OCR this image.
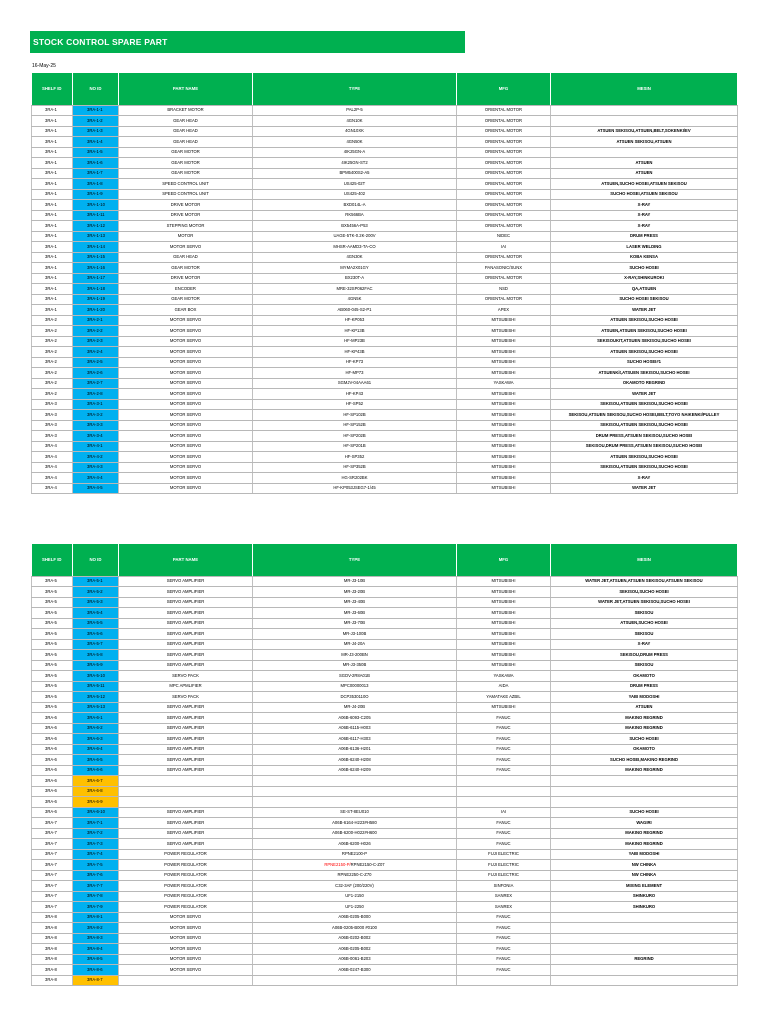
STOCK CONTROL SPARE PART
16-May-25
SHELF ID	NO ID	PART NAME	TYPE	MFG	MESIN
3RA-1	3RA-1-1	BRACKET MOTOR	PAL2P-5	ORIENTAL MOTOR	
3RA-1	3RA-1-2	GEAR HEAD	4GN10K	ORIENTAL MOTOR	
3RA-1	3RA-1-3	GEAR HEAD	4GN10XK	ORIENTAL MOTOR	ATSUEN SEKISOU,ATSUEN,BELT,SOKENKI/EV
3RA-1	3RA-1-4	GEAR HEAD	4GN50K	ORIENTAL MOTOR	ATSUEN SEKISOU,ATSUEN
3RA-1	3RA-1-5	GEAR MOTOR	4IK25GN-A	ORIENTAL MOTOR	
3RA-1	3RA-1-6	GEAR MOTOR	4IK25GN-ST2	ORIENTAL MOTOR	ATSUEN
3RA-1	3RA-1-7	GEAR MOTOR	BPM5400S2-A5	ORIENTAL MOTOR	ATSUEN
3RA-1	3RA-1-8	SPEED CONTROL UNIT	US425-02T	ORIENTAL MOTOR	ATSUEN,SUCHO HOSEI,ATSUEN SEKISOU
3RA-1	3RA-1-9	SPEED CONTROL UNIT	US425-402	ORIENTAL MOTOR	SUCHO HOSEI,ATSUEN SEKISOU
3RA-1	3RA-1-10	DRIVE MOTOR	BXD014L-A	ORIENTAL MOTOR	X-RAY
3RA-1	3RA-1-11	DRIVE MOTOR	RK566BA	ORIENTAL MOTOR	X-RAY
3RA-1	3RA-1-12	STEPPING MOTOR	BX5456A-P53	ORIENTAL MOTOR	X-RAY
3RA-1	3RA-1-13	MOTOR	UAGE-5TK-0.2K-200V	NIDEC	DRUM PRESS
3RA-1	3RA-1-14	MOTOR SERVO	MHSR-AAMD3-TA-CO	IAI	LASER WELDING
3RA-1	3RA-1-15	GEAR HEAD	4GN30K	ORIENTAL MOTOR	KOBA KENSA
3RA-1	3RA-1-16	GEAR MOTOR	MYMA2X01GY	PANASONIC/SUNX	SUCHO HOSEI
3RA-1	3RA-1-17	DRIVE MOTOR	BX230T-A	ORIENTAL MOTOR	X-RAY,SHINKUROKI
3RA-1	3RA-1-18	ENCODER	MRE-32SP062FAC	NSD	QA,ATSUEN
3RA-1	3RA-1-19	GEAR MOTOR	4GN5K	ORIENTAL MOTOR	SUCHO HOSEI SEKISOU
3RA-1	3RA-1-20	GEAR BOX	AB060-045-S2-P1	APEX	WATER JET
3RA-2	3RA-2-1	MOTOR SERVO	HF-KP053	MITSUBISHI	ATSUEN SEKISOU,SUCHO HOSEI
3RA-2	3RA-2-2	MOTOR SERVO	HF-KP13B	MITSUBISHI	ATSUEN,ATSUEN SEKISOU,SUCHO HOSEI
3RA-2	3RA-2-3	MOTOR SERVO	HF-MP23B	MITSUBISHI	SEKISOUKIT,ATSUEN SEKISOU,SUCHO HOSEI
3RA-2	3RA-2-4	MOTOR SERVO	HF-KP43B	MITSUBISHI	ATSUEN SEKISOU,SUCHO HOSEI
3RA-2	3RA-2-5	MOTOR SERVO	HF-KP73	MITSUBISHI	SUCHO HOSEI#1
3RA-2	3RA-2-6	MOTOR SERVO	HF-MP73	MITSUBISHI	ATSUENKit,ATSUEN SEKISOU,SUCHO HOSEI
3RA-2	3RA-2-7	MOTOR SERVO	SGMJV-04AAA61	YASKAWA	OKAMOTO REGRIND
3RA-2	3RA-2-8	MOTOR SERVO	HF-KP43	MITSUBISHI	WATER JET
3RA-3	3RA-3-1	MOTOR SERVO	HF-SP52	MITSUBISHI	SEKISOU,ATSUEN SEKISOU,SUCHO HOSEI
3RA-3	3RA-3-2	MOTOR SERVO	HF-SP102B	MITSUBISHI	SEKISOU,ATSUEN SEKISOU,SUCHO HOSEI,BELT,TOYO NAIKENKI/PULLEY
3RA-3	3RA-3-3	MOTOR SERVO	HF-SP152B	MITSUBISHI	SEKISOU,ATSUEN SEKISOU,SUCHO HOSEI
3RA-3	3RA-3-4	MOTOR SERVO	HF-SP202B	MITSUBISHI	DRUM PRESS,ATSUEN SEKISOU,SUCHO HOSEI
3RA-4	3RA-4-1	MOTOR SERVO	HF-SP201B	MITSUBISHI	SEKISOU,DRUM PRESS,ATSUEN SEKISOU,SUCHO HOSEI
3RA-4	3RA-4-2	MOTOR SERVO	HF-SP352	MITSUBISHI	ATSUEN SEKISOU,SUCHO HOSEI
3RA-4	3RA-4-3	MOTOR SERVO	HF-SP352B	MITSUBISHI	SEKISOU,ATSUEN SEKISOU,SUCHO HOSEI
3RA-4	3RA-4-4	MOTOR SERVO	HG-SR202BK	MITSUBISHI	X-RAY
3RA-4	3RA-4-5	MOTOR SERVO	HF-KP053JSEG7-1/45	MITSUBISHI	WATER JET
SHELF ID	NO ID	PART NAME	TYPE	MFG	MESIN
3RA-5	3RA-5-1	SERVO AMPLIFIER	MR-J3-10B	MITSUBISHI	WATER JET,ATSUEN,ATSUEN SEKISOU,ATSUEN SEKISOU
3RA-5	3RA-5-2	SERVO AMPLIFIER	MR-J3-20B	MITSUBISHI	SEKISOU,SUCHO HOSEI
3RA-5	3RA-5-3	SERVO AMPLIFIER	MR-J3-40B	MITSUBISHI	WATER JET,ATSUEN SEKISOU,SUCHO HOSEI
3RA-5	3RA-5-4	SERVO AMPLIFIER	MR-J3-60B	MITSUBISHI	SEKISOU
3RA-5	3RA-5-5	SERVO AMPLIFIER	MR-J3-70B	MITSUBISHI	ATSUEN,SUCHO HOSEI
3RA-5	3RA-5-6	SERVO AMPLIFIER	MR-J3-100B	MITSUBISHI	SEKISOU
3RA-5	3RA-5-7	SERVO AMPLIFIER	MR-J4-20A	MITSUBISHI	X-RAY
3RA-5	3RA-5-8	SERVO AMPLIFIER	MR-J3-200BN	MITSUBISHI	SEKISOU,DRUM PRESS
3RA-5	3RA-5-9	SERVO AMPLIFIER	MR-J3-350B	MITSUBISHI	SEKISOU
3RA-5	3RA-5-10	SERVO PACK	SGDV-2R8A01B	YASKAWA	OKAMOTO
3RA-5	3RA-5-11	MPC APMLIFIER	MPC00000013	AIDA	DRUM PRESS
3RA-5	3RA-5-12	SERVO PACK	DCP3530110O	YAMATAKE AZBIL	YABI MODOSHI
3RA-5	3RA-5-13	SERVO AMPLIFIER	MR-J4-20B	MITSUBISHI	ATSUEN
3RA-6	3RA-6-1	SERVO AMPLIFIER	A06B-6093-C205	FANUC	MAKINO REGRIND
3RA-6	3RA-6-2	SERVO AMPLIFIER	A06B-6115-H003	FANUC	MAKINO REGRIND
3RA-6	3RA-6-3	SERVO AMPLIFIER	A06B-6117-H303	FANUC	SUCHO HOSEI
3RA-6	3RA-6-4	SERVO AMPLIFIER	A06B-6136-H201	FANUC	OKAMOTO
3RA-6	3RA-6-5	SERVO AMPLIFIER	A06B-6240-H208	FANUC	SUCHO HOSEI,MAKINO REGRIND
3RA-6	3RA-6-6	SERVO AMPLIFIER	A06B-6240-H209	FANUC	MAKINO REGRIND
3RA-6	3RA-6-7				
3RA-6	3RA-6-8				
3RA-6	3RA-6-9				
3RA-6	3RA-6-10	SERVO AMPLIFIER	SE-ST-8EU010	IAI	SUCHO HOSEI
3RA-7	3RA-7-1	SERVO AMPLIFIER	A06B-6164-H223#H580	FANUC	WAGIRI
3RA-7	3RA-7-2	SERVO AMPLIFIER	A06B-6200-H022#H600	FANUC	MAKINO REGRIND
3RA-7	3RA-7-3	SERVO AMPLIFIER	A06B-6200-H026	FANUC	MAKINO REGRIND
3RA-7	3RA-7-4	POWER REGULATOR	RPNE2100-P	FUJI ELECTRIC	YABI MODOSHI
3RA-7	3RA-7-5	POWER REGULATOR	RPNE2150-P/RPNE2150-C-Z07	FUJI ELECTRIC	NW CHINKA
3RA-7	3RA-7-6	POWER REGULATOR	RPNE2250-C-Z70	FUJI ELECTRIC	NW CHINKA
3RA-7	3RA-7-7	POWER REGULATOR	C32-3AF (200/220V)	SINFONIA	MIXING ELEMENT
3RA-7	3RA-7-8	POWER REGULATOR	UF1-2150	SANREX	SHINKURO
3RA-7	3RA-7-9	POWER REGULATOR	UF1-2250	SANREX	SHINKURO
3RA-8	3RA-8-1	MOTOR SERVO	A06B-0205-B000	FANUC	
3RA-8	3RA-8-2	MOTOR SERVO	A06B-0205-B000 #0100	FANUC	
3RA-8	3RA-8-3	MOTOR SERVO	A06B-0202-B002	FANUC	
3RA-8	3RA-8-4	MOTOR SERVO	A06B-0205-B002	FANUC	
3RA-8	3RA-8-5	MOTOR SERVO	A06B-0061-B203	FANUC	REGRIND
3RA-8	3RA-8-6	MOTOR SERVO	A06B-0247-B300	FANUC	
3RA-8	3RA-8-7				
